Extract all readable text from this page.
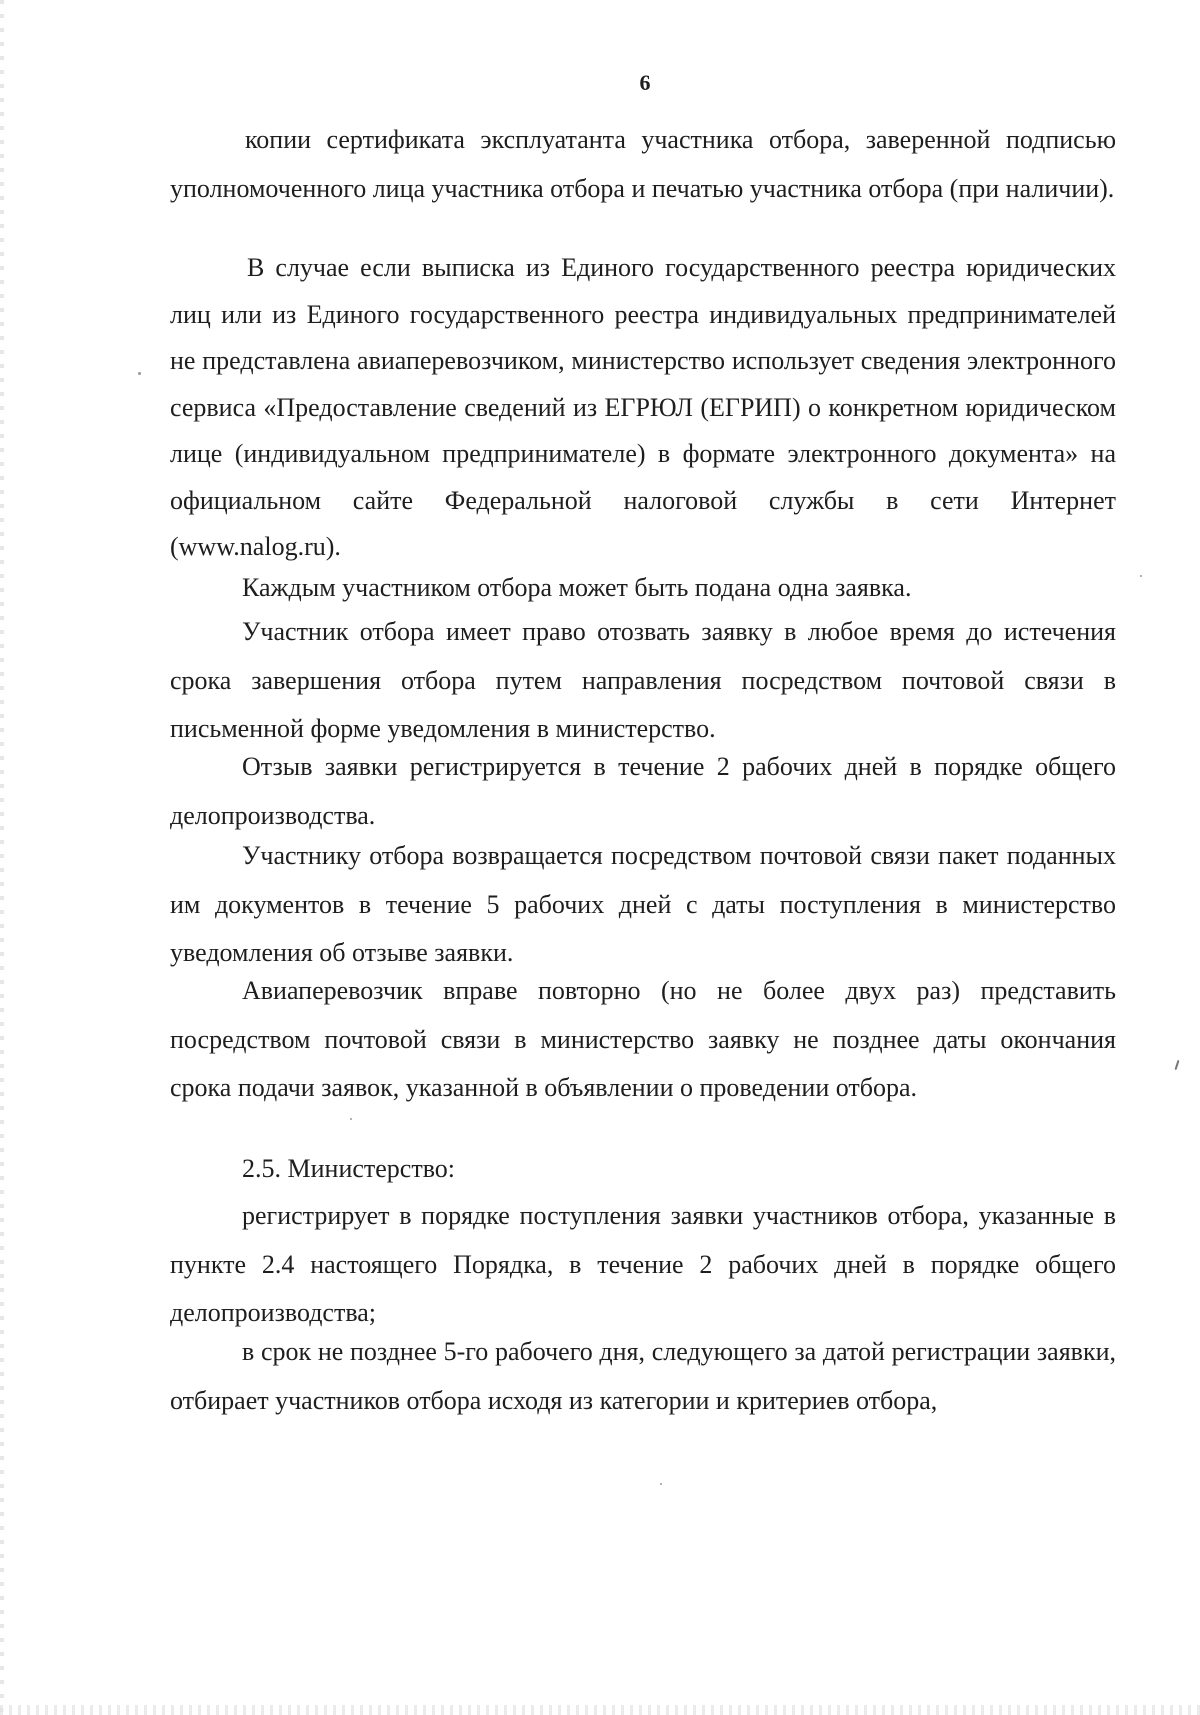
6

копии сертификата эксплуатанта участника отбора, заверенной подписью уполномоченного лица участника отбора и печатью участника отбора (при наличии).

В случае если выписка из Единого государственного реестра юридических лиц или из Единого государственного реестра индивидуальных предпринимателей не представлена авиаперевозчиком, министерство использует сведения электронного сервиса «Предоставление сведений из ЕГРЮЛ (ЕГРИП) о конкретном юридическом лице (индивидуальном предпринимателе) в формате электронного документа» на официальном сайте Федеральной налоговой службы в сети Интернет (www.nalog.ru).

Каждым участником отбора может быть подана одна заявка.

Участник отбора имеет право отозвать заявку в любое время до истечения срока завершения отбора путем направления посредством почтовой связи в письменной форме уведомления в министерство.

Отзыв заявки регистрируется в течение 2 рабочих дней в порядке общего делопроизводства.

Участнику отбора возвращается посредством почтовой связи пакет поданных им документов в течение 5 рабочих дней с даты поступления в министерство уведомления об отзыве заявки.

Авиаперевозчик вправе повторно (но не более двух раз) представить посредством почтовой связи в министерство заявку не позднее даты окончания срока подачи заявок, указанной в объявлении о проведении отбора.

2.5. Министерство:

регистрирует в порядке поступления заявки участников отбора, указанные в пункте 2.4 настоящего Порядка, в течение 2 рабочих дней в порядке общего делопроизводства;

в срок не позднее 5-го рабочего дня, следующего за датой регистрации заявки, отбирает участников отбора исходя из категории и критериев отбора,
